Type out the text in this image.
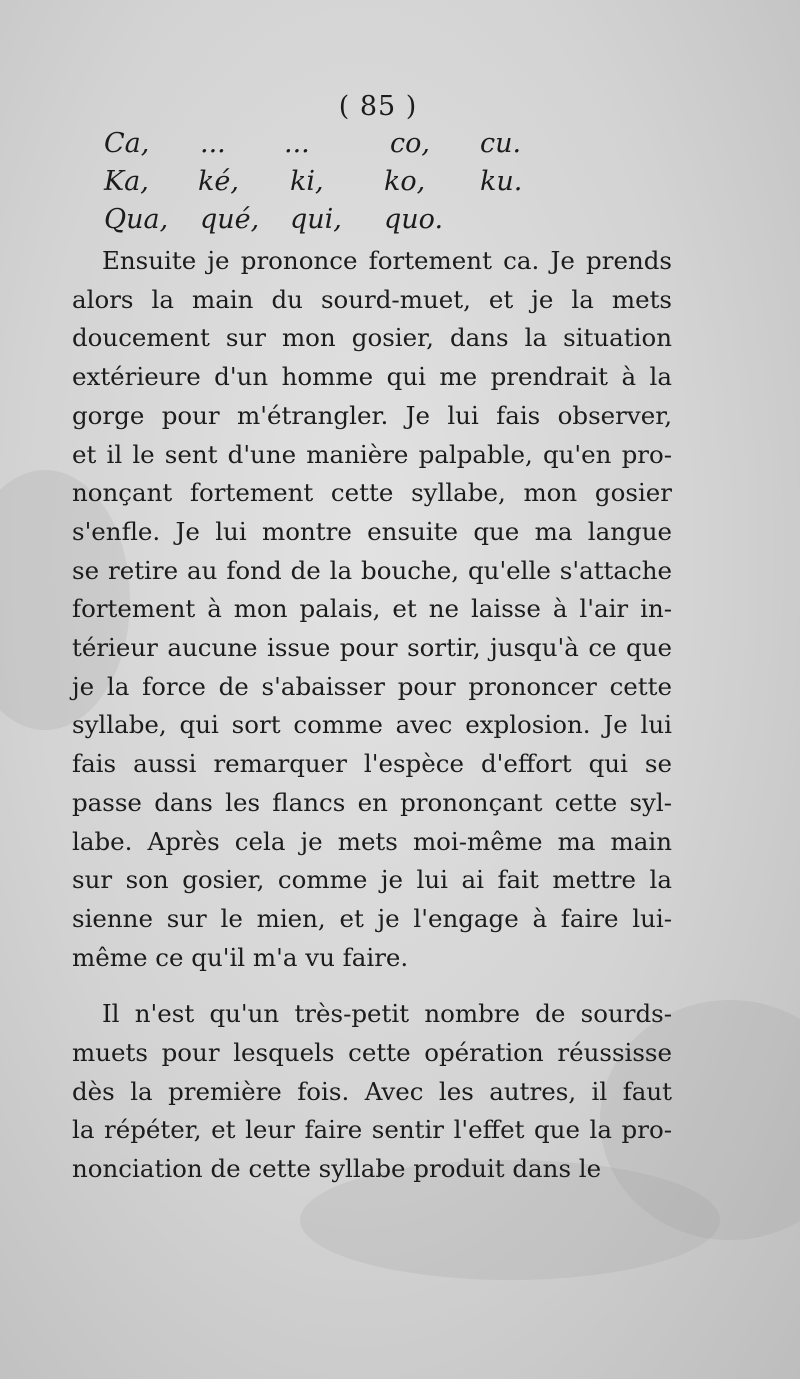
( 85 )
Ca, ... ...	co, cu.
Ka, ké, ki, ko, ku.
Qua, qué, qui, quo.
Ensuite je prononce fortement ca. Je prends
alors la main du sourd-muet, et je la mets
doucement sur mon gosier, dans la situation
extérieure d'un homme qui me prendrait à la
gorge pour m'étrangler. Je lui fais observer,
et il le sent d'une manière palpable, qu'en pro-
nonçant fortement cette syllabe, mon gosier
s'enfle. Je lui montre ensuite que ma langue
se retire au fond de la bouche, qu'elle s'attache
fortement à mon palais, et ne laisse à l'air in-
térieur aucune issue pour sortir, jusqu'à ce que
je la force de s'abaisser pour prononcer cette
syllabe, qui sort comme avec explosion. Je lui
fais aussi remarquer l'espèce d'effort qui se
passe dans les flancs en prononçant cette syl-
labe. Après cela je mets moi-même ma main
sur son gosier, comme je lui ai fait mettre la
sienne sur le mien, et je l'engage à faire lui-
même ce qu'il m'a vu faire.
Il n'est qu'un très-petit nombre de sourds-
muets pour lesquels cette opération réussisse
dès la première fois. Avec les autres, il faut
la répéter, et leur faire sentir l'effet que la pro-
nonciation de cette syllabe produit dans le
